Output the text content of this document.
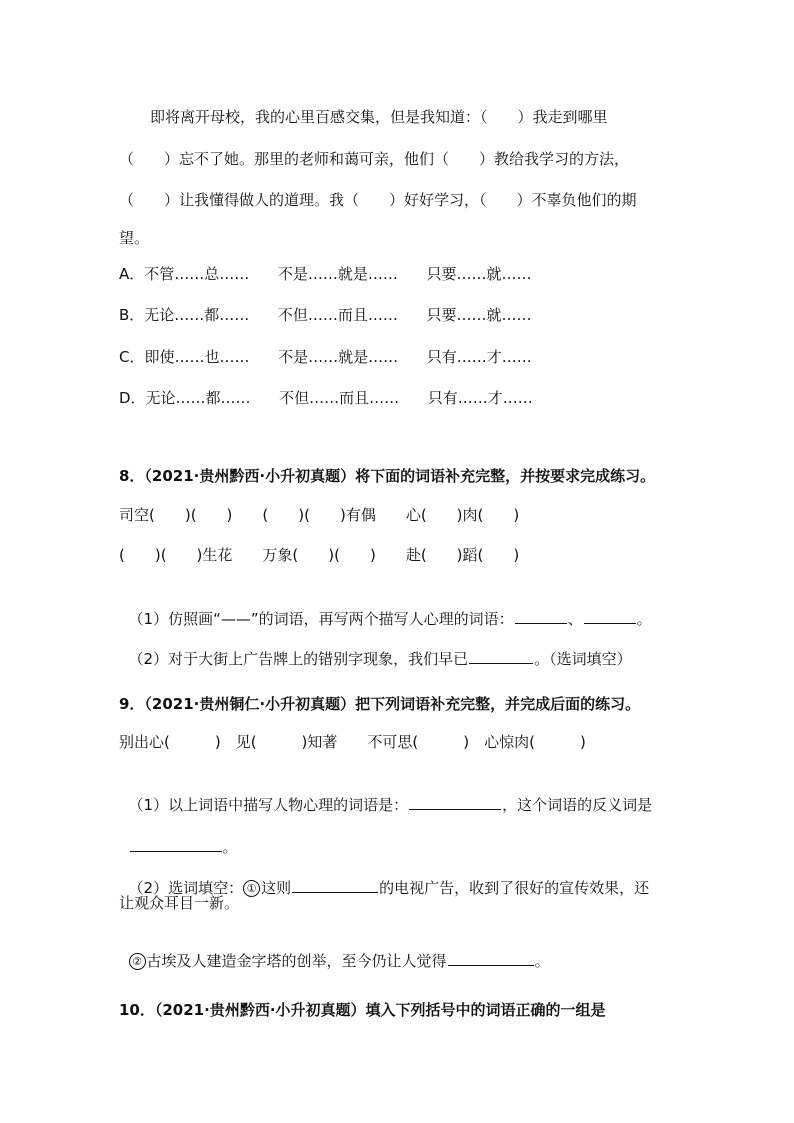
即将离开母校，我的心里百感交集，但是我知道：（　　）我走到哪里
（　　）忘不了她。那里的老师和蔼可亲，他们（　　）教给我学习的方法，
（　　）让我懂得做人的道理。我（　　）好好学习，（　　）不辜负他们的期
望。
A．不管……总……      不是……就是……      只要……就……
B．无论……都……      不但……而且……      只要……就……
C．即使……也……      不是……就是……      只有……才……
D．无论……都……      不但……而且……      只有……才……
8．（2021·贵州黔西·小升初真题）将下面的词语补充完整，并按要求完成练习。
司空(　　)(　　)　　(　　)(　　)有偶　　心(　　)肉(　　)
(　　)(　　)生花　　万象(　　)(　　)　　赴(　　)蹈(　　)

（1）仿照画“——”的词语，再写两个描写人心理的词语：	、	。

（2）对于大街上广告牌上的错别字现象，我们早已	。（选词填空）

9．（2021·贵州铜仁·小升初真题）把下列词语补充完整，并完成后面的练习。
别出心(　　　)　见(　　　)知著　　不可思(　　　)　心惊肉(　　　)

（1）以上词语中描写人物心理的词语是：	，这个词语的反义词是

。

（2）选词填空： ① 这则	的电视广告，收到了很好的宣传效果，还

让观众耳目一新。

② 古埃及人建造金字塔的创举，至今仍让人觉得	。

10．（2021·贵州黔西·小升初真题）填入下列括号中的词语正确的一组是
